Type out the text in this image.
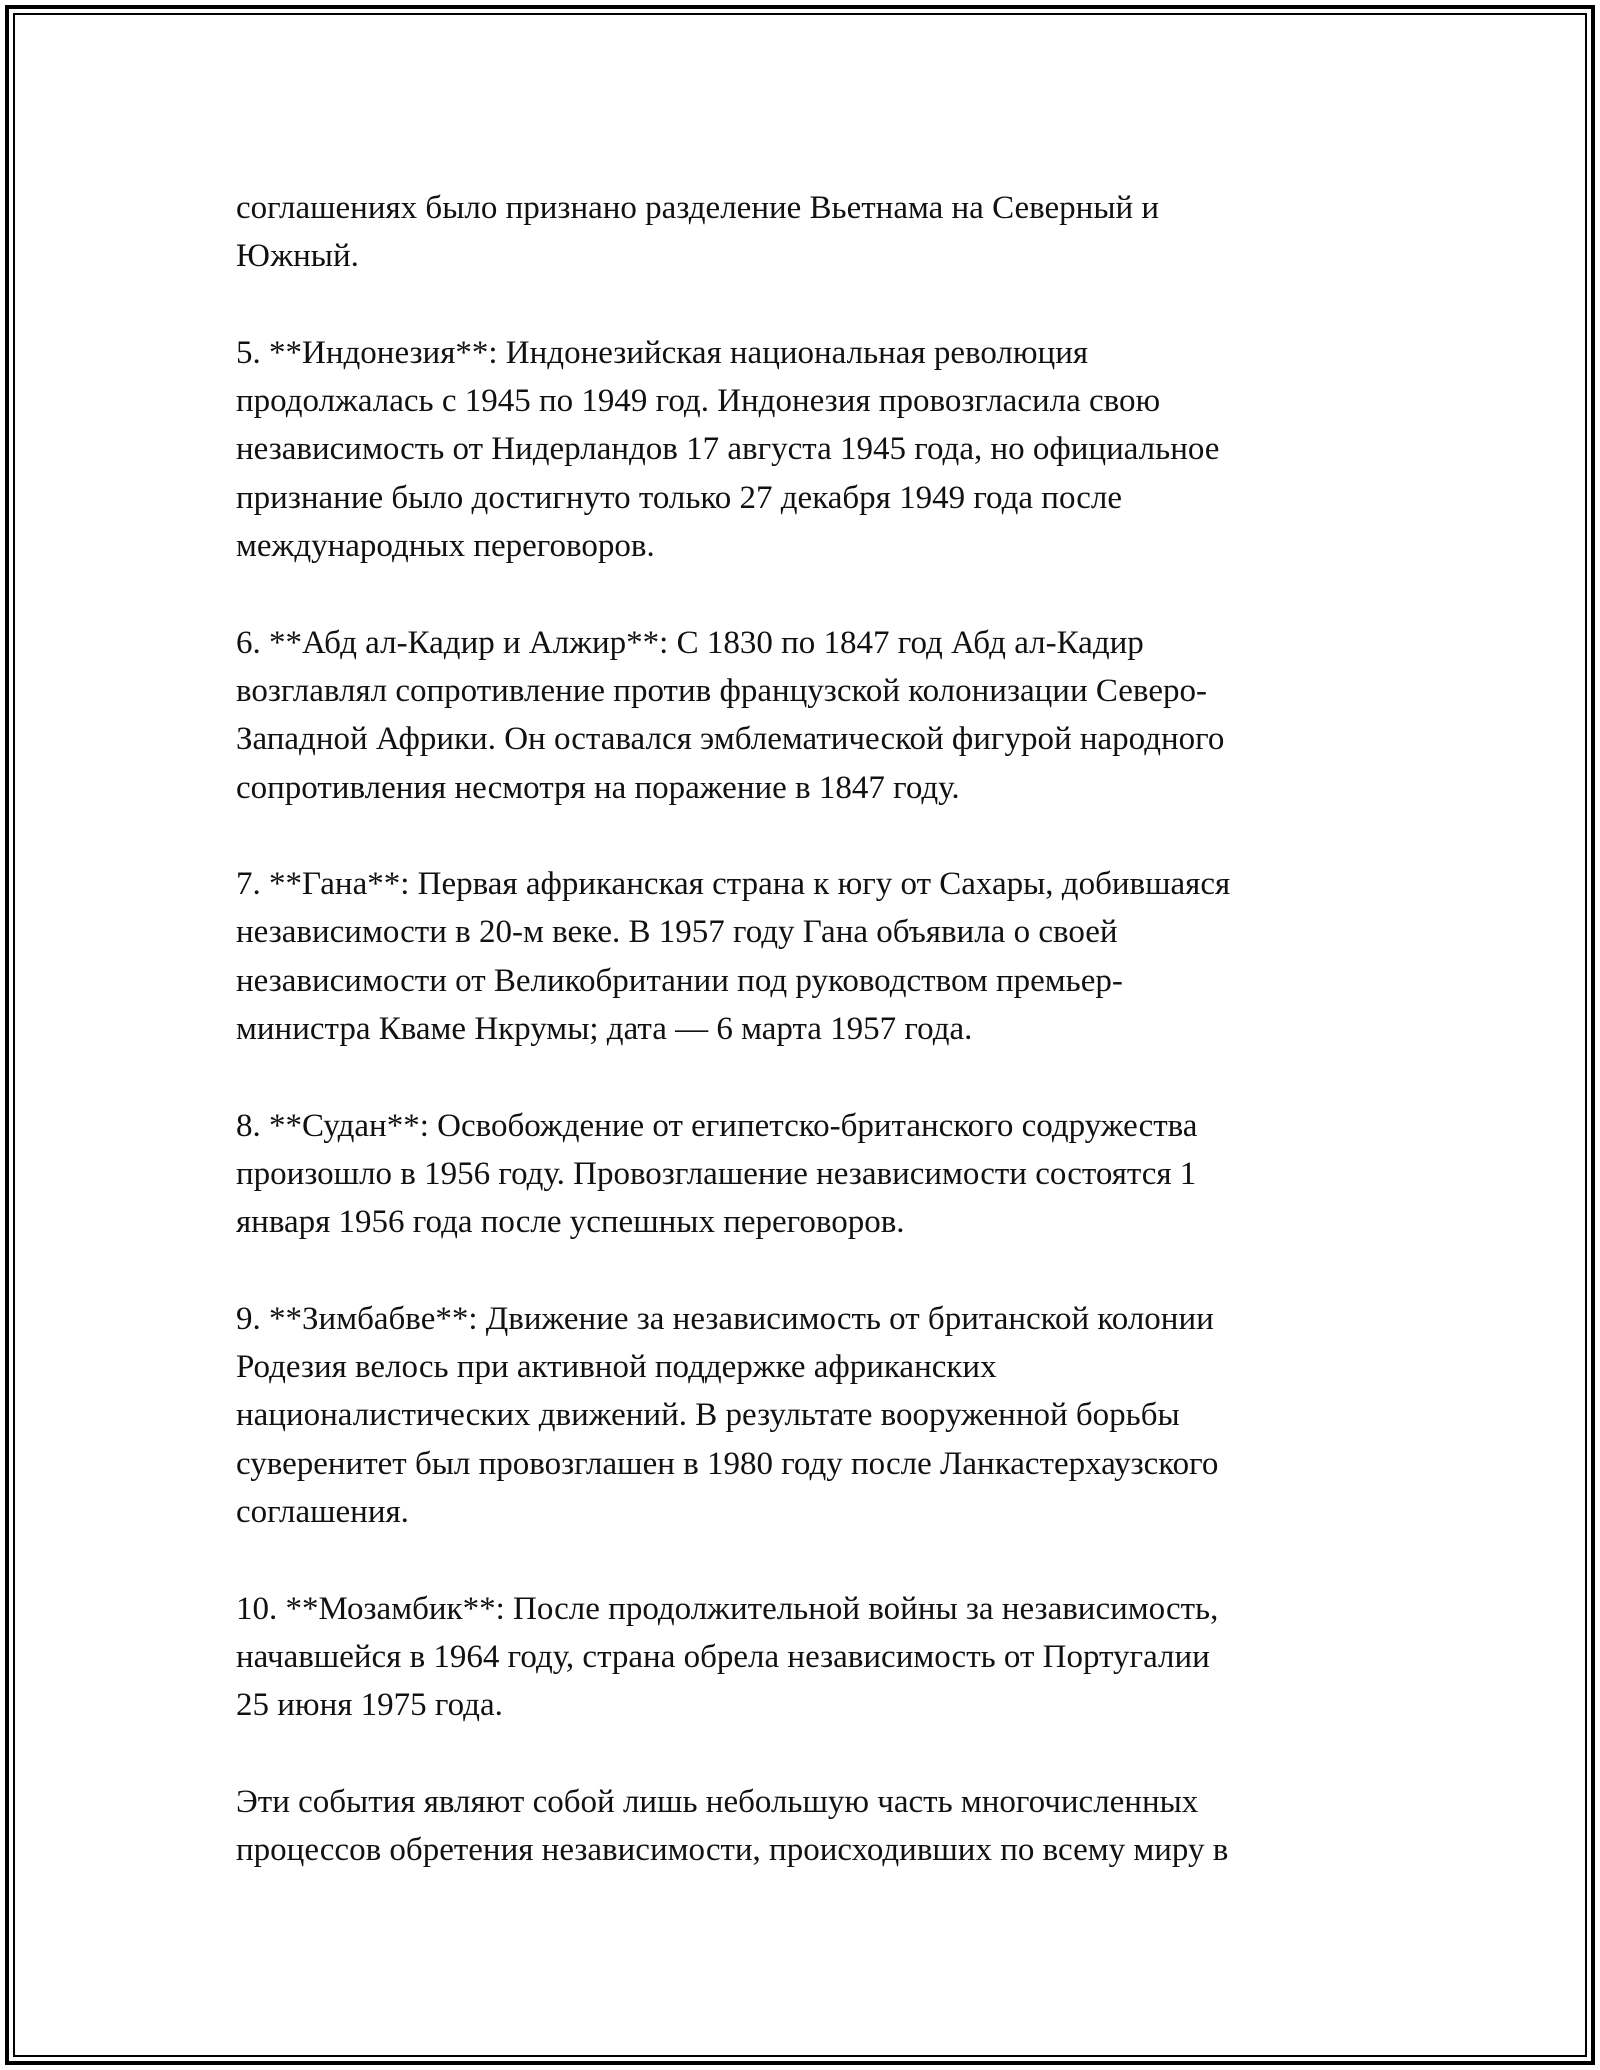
соглашениях было признано разделение Вьетнама на Северный и
Южный.

5. **Индонезия**: Индонезийская национальная революция
продолжалась с 1945 по 1949 год. Индонезия провозгласила свою
независимость от Нидерландов 17 августа 1945 года, но официальное
признание было достигнуто только 27 декабря 1949 года после
международных переговоров.

6. **Абд ал-Кадир и Алжир**: С 1830 по 1847 год Абд ал-Кадир
возглавлял сопротивление против французской колонизации Северо-
Западной Африки. Он оставался эмблематической фигурой народного
сопротивления несмотря на поражение в 1847 году.

7. **Гана**: Первая африканская страна к югу от Сахары, добившаяся
независимости в 20-м веке. В 1957 году Гана объявила о своей
независимости от Великобритании под руководством премьер-
министра Кваме Нкрумы; дата — 6 марта 1957 года.

8. **Судан**: Освобождение от египетско-британского содружества
произошло в 1956 году. Провозглашение независимости состоятся 1
января 1956 года после успешных переговоров.

9. **Зимбабве**: Движение за независимость от британской колонии
Родезия велось при активной поддержке африканских
националистических движений. В результате вооруженной борьбы
суверенитет был провозглашен в 1980 году после Ланкастерхаузского
соглашения.

10. **Мозамбик**: После продолжительной войны за независимость,
начавшейся в 1964 году, страна обрела независимость от Португалии
25 июня 1975 года.

Эти события являют собой лишь небольшую часть многочисленных
процессов обретения независимости, происходивших по всему миру в
